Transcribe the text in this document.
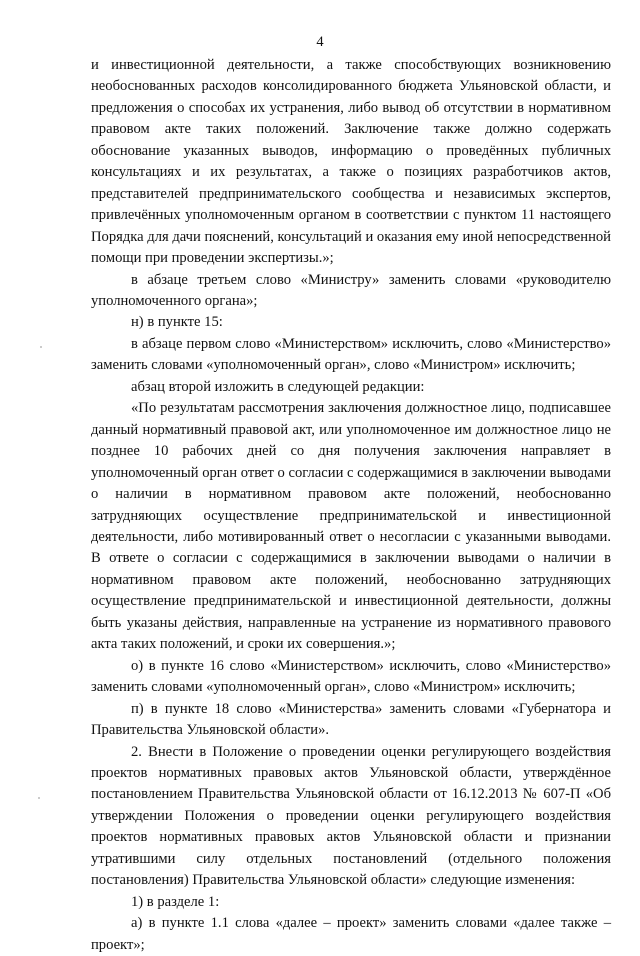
4

и инвестиционной деятельности, а также способствующих возникновению необоснованных расходов консолидированного бюджета Ульяновской области, и предложения о способах их устранения, либо вывод об отсутствии в нормативном правовом акте таких положений. Заключение также должно содержать обоснование указанных выводов, информацию о проведённых публичных консультациях и их результатах, а также о позициях разработчиков актов, представителей предпринимательского сообщества и независимых экспертов, привлечённых уполномоченным органом в соответствии с пунктом 11 настоящего Порядка для дачи пояснений, консультаций и оказания ему иной непосредственной помощи при проведении экспертизы.»;

в абзаце третьем слово «Министру» заменить словами «руководителю уполномоченного органа»;

н) в пункте 15:

в абзаце первом слово «Министерством» исключить, слово «Министерство» заменить словами «уполномоченный орган», слово «Министром» исключить;

абзац второй изложить в следующей редакции:

«По результатам рассмотрения заключения должностное лицо, подписавшее данный нормативный правовой акт, или уполномоченное им должностное лицо не позднее 10 рабочих дней со дня получения заключения направляет в уполномоченный орган ответ о согласии с содержащимися в заключении выводами о наличии в нормативном правовом акте положений, необоснованно затрудняющих осуществление предпринимательской и инвестиционной деятельности, либо мотивированный ответ о несогласии с указанными выводами. В ответе о согласии с содержащимися в заключении выводами о наличии в нормативном правовом акте положений, необоснованно затрудняющих осуществление предпринимательской и инвестиционной деятельности, должны быть указаны действия, направленные на устранение из нормативного правового акта таких положений, и сроки их совершения.»;

о) в пункте 16 слово «Министерством» исключить, слово «Министерство» заменить словами «уполномоченный орган», слово «Министром» исключить;

п) в пункте 18 слово «Министерства» заменить словами «Губернатора и Правительства Ульяновской области».

2. Внести в Положение о проведении оценки регулирующего воздействия проектов нормативных правовых актов Ульяновской области, утверждённое постановлением Правительства Ульяновской области от 16.12.2013 № 607-П «Об утверждении Положения о проведении оценки регулирующего воздействия проектов нормативных правовых актов Ульяновской области и признании утратившими силу отдельных постановлений (отдельного положения постановления) Правительства Ульяновской области» следующие изменения:

1) в разделе 1:

а) в пункте 1.1 слова «далее – проект» заменить словами «далее также – проект»;
